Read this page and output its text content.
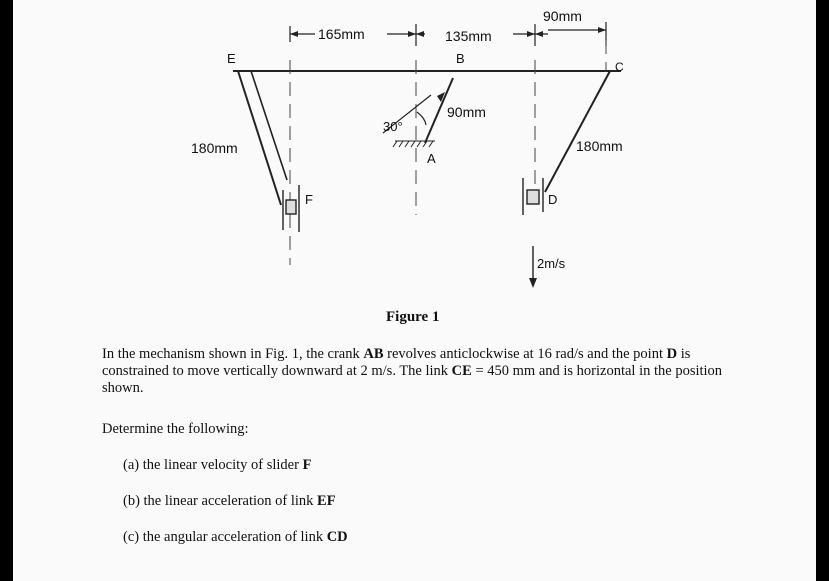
165mm	135mm
90mm
90mm
180mm	180mm
30°
2m/s
E	B
C
A
F	D

Figure 1

In the mechanism shown in Fig. 1, the crank AB revolves anticlockwise at 16 rad/s and the point D is constrained to move vertically downward at 2 m/s. The link CE = 450 mm and is horizontal in the position shown.

Determine the following:

(a) the linear velocity of slider F
(b) the linear acceleration of link EF
(c) the angular acceleration of link CD
